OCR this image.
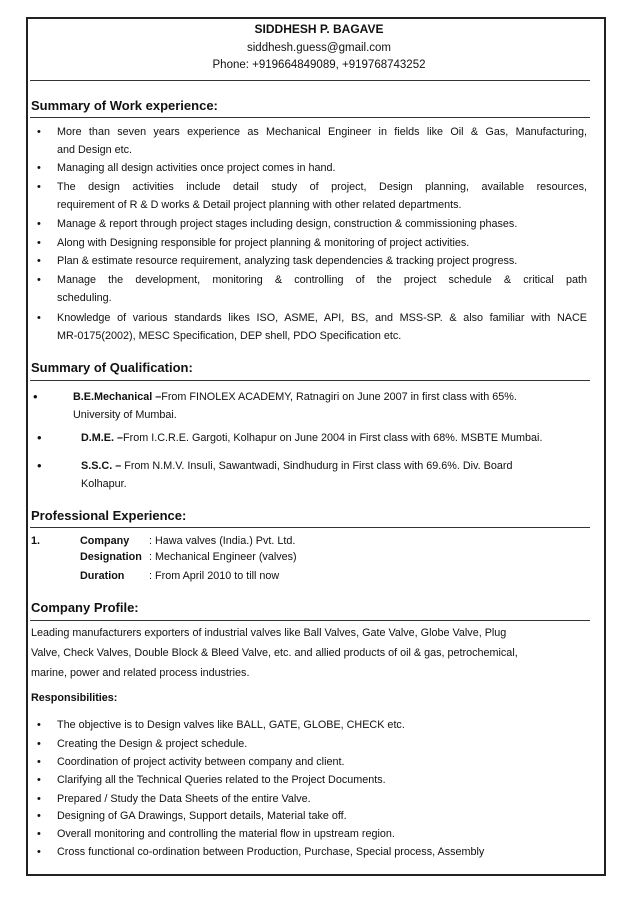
SIDDHESH P. BAGAVE
siddhesh.guess@gmail.com
Phone: +919664849089, +919768743252
Summary of Work experience:
• More than seven years experience as Mechanical Engineer in fields like Oil & Gas, Manufacturing,
and Design etc.
• Managing all design activities once project comes in hand.
• The design activities include detail study of project, Design planning, available resources,
requirement of R & D works & Detail project planning with other related departments.
• Manage & report through project stages including design, construction & commissioning phases.
• Along with Designing responsible for project planning & monitoring of project activities.
• Plan & estimate resource requirement, analyzing task dependencies & tracking project progress.
• Manage the development, monitoring & controlling of the project schedule & critical path
scheduling.
• Knowledge of various standards likes ISO, ASME, API, BS, and MSS-SP. & also familiar with NACE
MR-0175(2002), MESC Specification, DEP shell, PDO Specification etc.
Summary of Qualification:
•	B.E.Mechanical –From FINOLEX ACADEMY, Ratnagiri on June 2007 in first class with 65%.
University of Mumbai.
•	D.M.E. –From I.C.R.E. Gargoti, Kolhapur on June 2004 in First class with 68%. MSBTE Mumbai.
•	S.S.C. – From N.M.V. Insuli, Sawantwadi, Sindhudurg in First class with 69.6%. Div. Board
Kolhapur.
Professional Experience:
1.	Company : Hawa valves (India.) Pvt. Ltd.
Designation : Mechanical Engineer (valves)
Duration : From April 2010 to till now
Company Profile:
Leading manufacturers exporters of industrial valves like Ball Valves, Gate Valve, Globe Valve, Plug
Valve, Check Valves, Double Block & Bleed Valve, etc. and allied products of oil & gas, petrochemical,
marine, power and related process industries.
Responsibilities:
• The objective is to Design valves like BALL, GATE, GLOBE, CHECK etc.
• Creating the Design & project schedule.
• Coordination of project activity between company and client.
• Clarifying all the Technical Queries related to the Project Documents.
• Prepared / Study the Data Sheets of the entire Valve.
• Designing of GA Drawings, Support details, Material take off.
• Overall monitoring and controlling the material flow in upstream region.
• Cross functional co-ordination between Production, Purchase, Special process, Assembly
